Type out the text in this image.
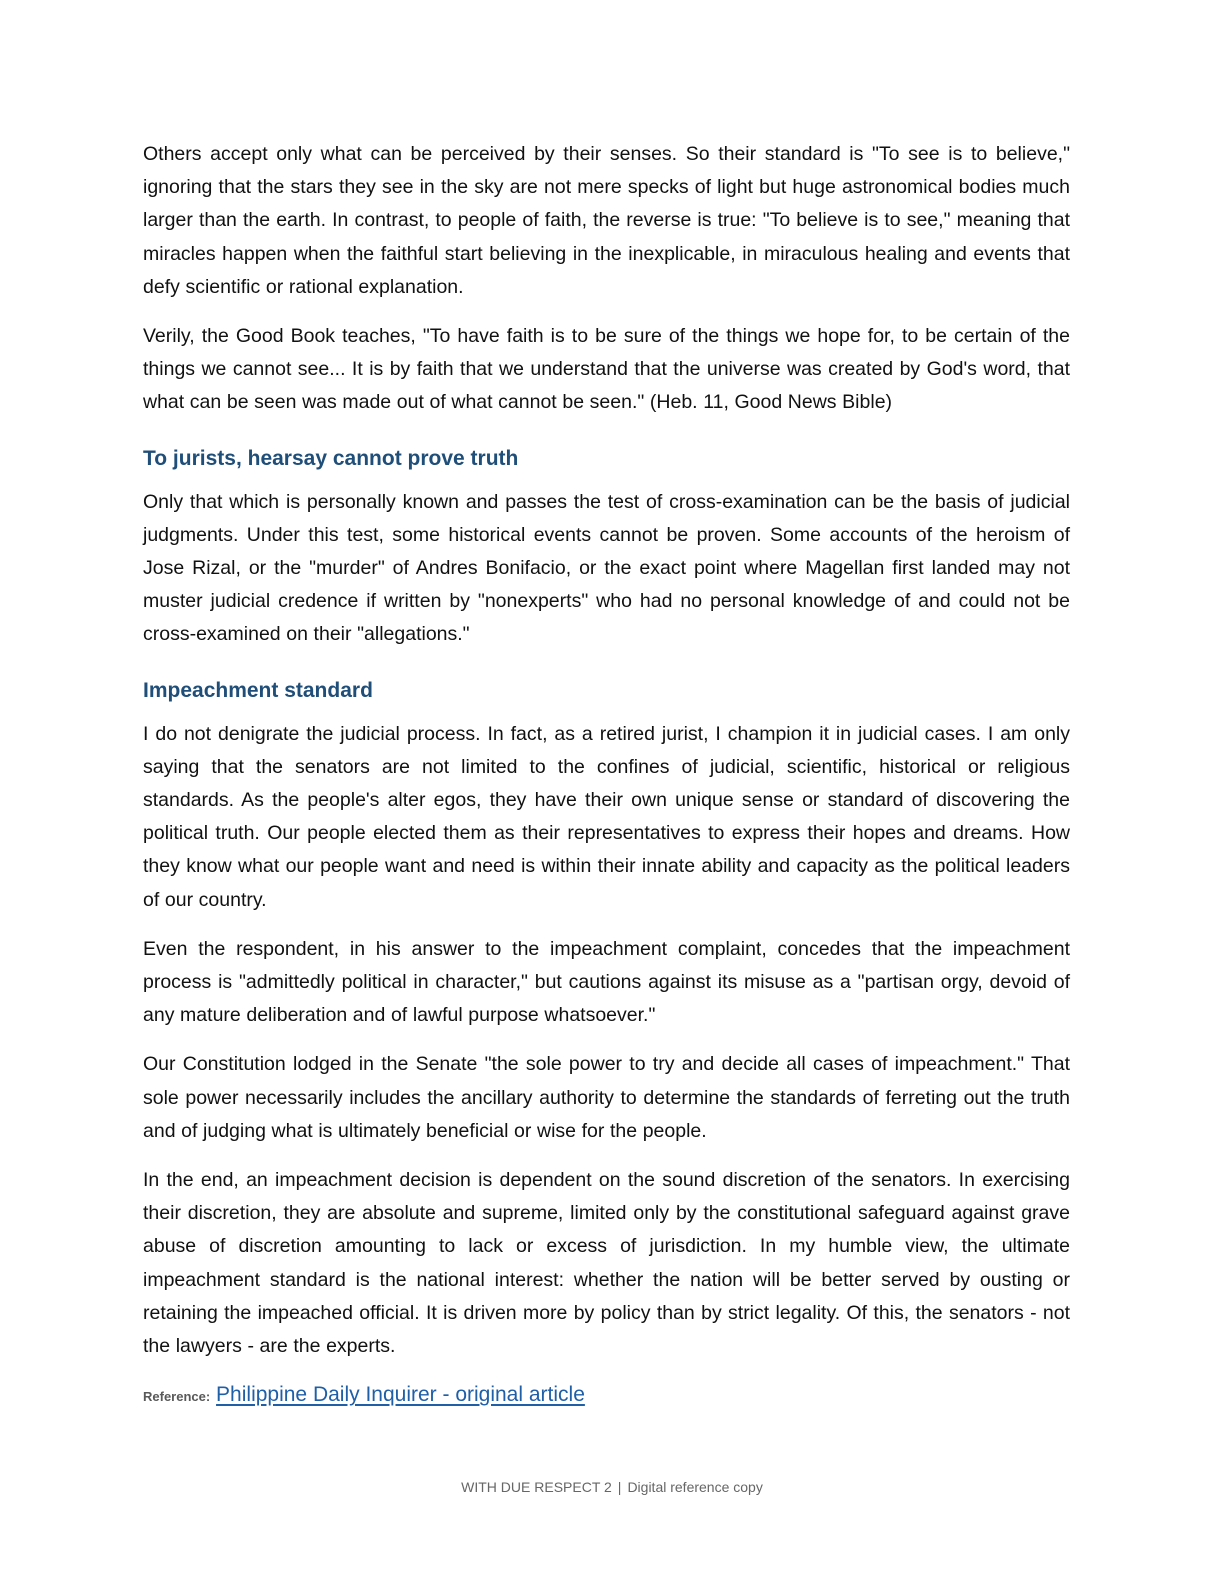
Others accept only what can be perceived by their senses. So their standard is "To see is to believe," ignoring that the stars they see in the sky are not mere specks of light but huge astronomical bodies much larger than the earth. In contrast, to people of faith, the reverse is true: "To believe is to see," meaning that miracles happen when the faithful start believing in the inexplicable, in miraculous healing and events that defy scientific or rational explanation.

Verily, the Good Book teaches, "To have faith is to be sure of the things we hope for, to be certain of the things we cannot see... It is by faith that we understand that the universe was created by God's word, that what can be seen was made out of what cannot be seen." (Heb. 11, Good News Bible)

To jurists, hearsay cannot prove truth

Only that which is personally known and passes the test of cross-examination can be the basis of judicial judgments. Under this test, some historical events cannot be proven. Some accounts of the heroism of Jose Rizal, or the "murder" of Andres Bonifacio, or the exact point where Magellan first landed may not muster judicial credence if written by "nonexperts" who had no personal knowledge of and could not be cross-examined on their "allegations."

Impeachment standard

I do not denigrate the judicial process. In fact, as a retired jurist, I champion it in judicial cases. I am only saying that the senators are not limited to the confines of judicial, scientific, historical or religious standards. As the people's alter egos, they have their own unique sense or standard of discovering the political truth. Our people elected them as their representatives to express their hopes and dreams. How they know what our people want and need is within their innate ability and capacity as the political leaders of our country.

Even the respondent, in his answer to the impeachment complaint, concedes that the impeachment process is "admittedly political in character," but cautions against its misuse as a "partisan orgy, devoid of any mature deliberation and of lawful purpose whatsoever."

Our Constitution lodged in the Senate "the sole power to try and decide all cases of impeachment." That sole power necessarily includes the ancillary authority to determine the standards of ferreting out the truth and of judging what is ultimately beneficial or wise for the people.

In the end, an impeachment decision is dependent on the sound discretion of the senators. In exercising their discretion, they are absolute and supreme, limited only by the constitutional safeguard against grave abuse of discretion amounting to lack or excess of jurisdiction. In my humble view, the ultimate impeachment standard is the national interest: whether the nation will be better served by ousting or retaining the impeached official. It is driven more by policy than by strict legality. Of this, the senators - not the lawyers - are the experts.

Reference: Philippine Daily Inquirer - original article
WITH DUE RESPECT 2 | Digital reference copy
